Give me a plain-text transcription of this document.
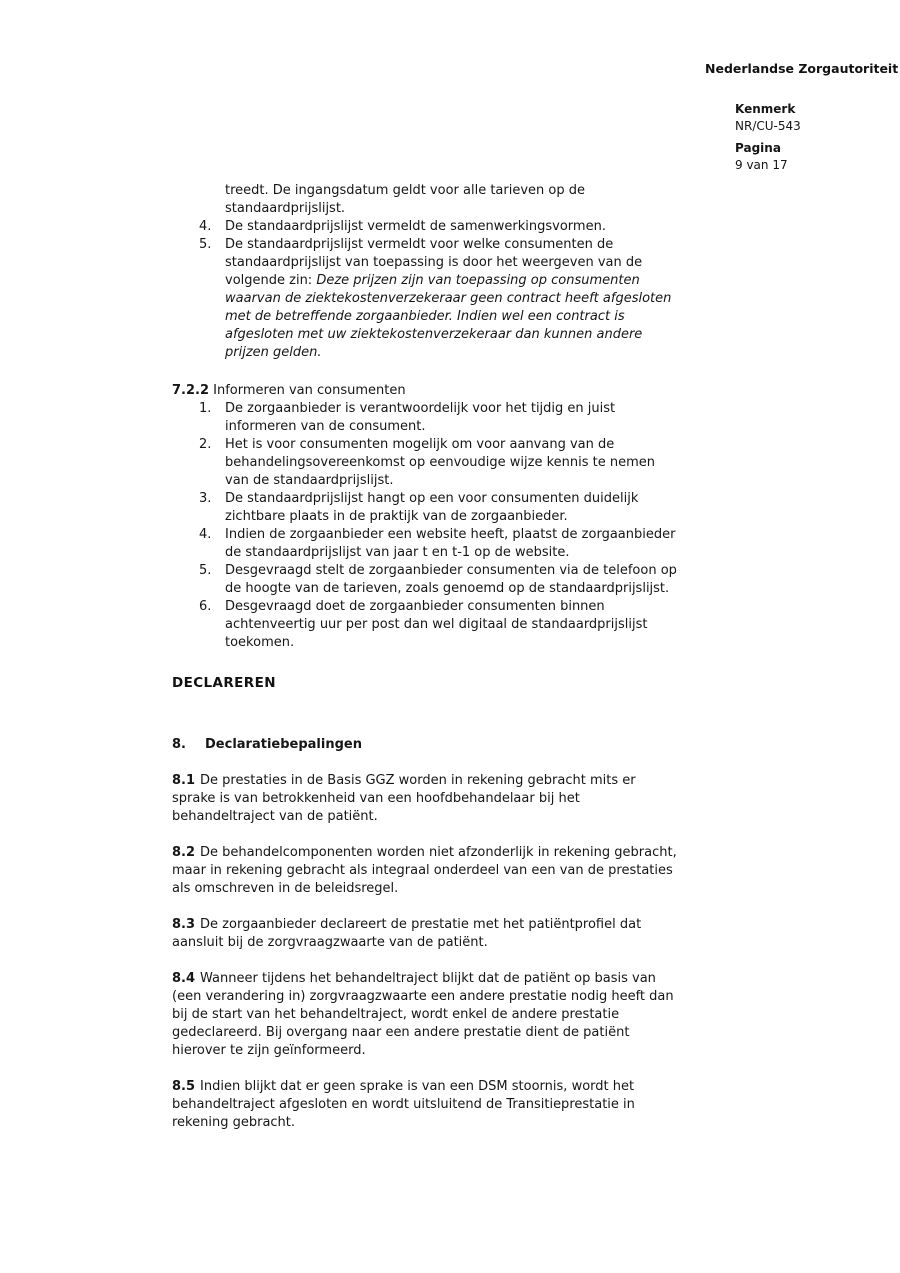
Nederlandse Zorgautoriteit
Kenmerk
NR/CU-543
Pagina
9 van 17

treedt. De ingangsdatum geldt voor alle tarieven op de standaardprijslijst.

4.	De standaardprijslijst vermeldt de samenwerkingsvormen.
5.	De standaardprijslijst vermeldt voor welke consumenten de standaardprijslijst van toepassing is door het weergeven van de volgende zin: Deze prijzen zijn van toepassing op consumenten waarvan de ziektekostenverzekeraar geen contract heeft afgesloten met de betreffende zorgaanbieder. Indien wel een contract is afgesloten met uw ziektekostenverzekeraar dan kunnen andere prijzen gelden.
7.2.2 Informeren van consumenten
1.	De zorgaanbieder is verantwoordelijk voor het tijdig en juist informeren van de consument.
2.	Het is voor consumenten mogelijk om voor aanvang van de behandelingsovereenkomst op eenvoudige wijze kennis te nemen van de standaardprijslijst.
3.	De standaardprijslijst hangt op een voor consumenten duidelijk zichtbare plaats in de praktijk van de zorgaanbieder.
4.	Indien de zorgaanbieder een website heeft, plaatst de zorgaanbieder de standaardprijslijst van jaar t en t-1 op de website.
5.	Desgevraagd stelt de zorgaanbieder consumenten via de telefoon op de hoogte van de tarieven, zoals genoemd op de standaardprijslijst.
6.	Desgevraagd doet de zorgaanbieder consumenten binnen achtenveertig uur per post dan wel digitaal de standaardprijslijst toekomen.
DECLAREREN
8. Declaratiebepalingen

8.1 De prestaties in de Basis GGZ worden in rekening gebracht mits er sprake is van betrokkenheid van een hoofdbehandelaar bij het behandeltraject van de patiënt.

8.2 De behandelcomponenten worden niet afzonderlijk in rekening gebracht, maar in rekening gebracht als integraal onderdeel van een van de prestaties als omschreven in de beleidsregel.

8.3 De zorgaanbieder declareert de prestatie met het patiëntprofiel dat aansluit bij de zorgvraagzwaarte van de patiënt.

8.4 Wanneer tijdens het behandeltraject blijkt dat de patiënt op basis van (een verandering in) zorgvraagzwaarte een andere prestatie nodig heeft dan bij de start van het behandeltraject, wordt enkel de andere prestatie gedeclareerd. Bij overgang naar een andere prestatie dient de patiënt hierover te zijn geïnformeerd.

8.5 Indien blijkt dat er geen sprake is van een DSM stoornis, wordt het behandeltraject afgesloten en wordt uitsluitend de Transitieprestatie in rekening gebracht.
